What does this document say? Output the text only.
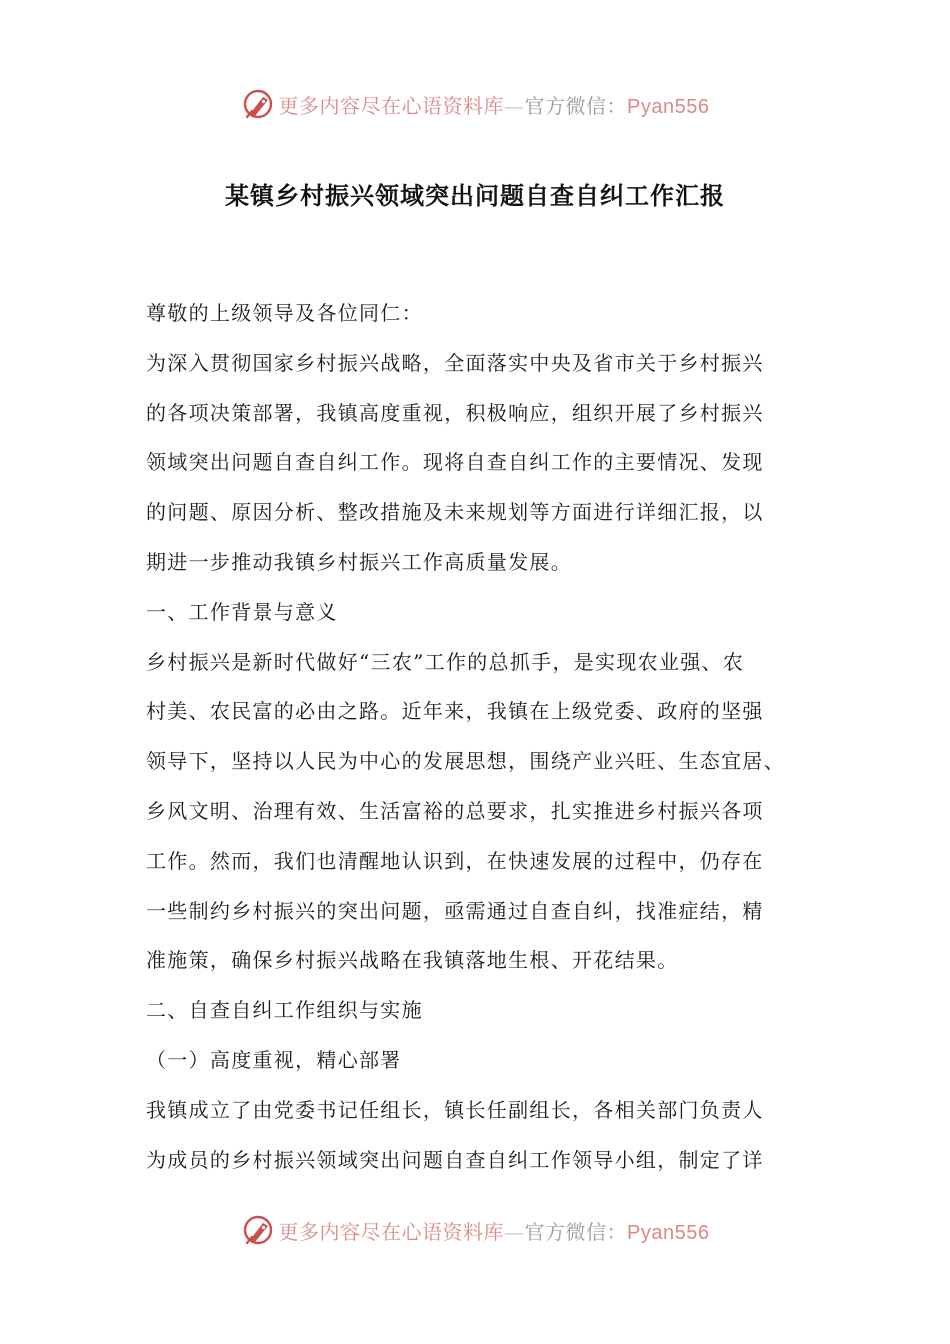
更多内容尽在心语资料库—官方微信：Pyan556
某镇乡村振兴领域突出问题自查自纠工作汇报
尊敬的上级领导及各位同仁：
为深入贯彻国家乡村振兴战略，全面落实中央及省市关于乡村振兴
的各项决策部署，我镇高度重视，积极响应，组织开展了乡村振兴
领域突出问题自查自纠工作。现将自查自纠工作的主要情况、发现
的问题、原因分析、整改措施及未来规划等方面进行详细汇报，以
期进一步推动我镇乡村振兴工作高质量发展。
一、工作背景与意义
乡村振兴是新时代做好“三农”工作的总抓手，是实现农业强、农
村美、农民富的必由之路。近年来，我镇在上级党委、政府的坚强
领导下，坚持以人民为中心的发展思想，围绕产业兴旺、生态宜居、
乡风文明、治理有效、生活富裕的总要求，扎实推进乡村振兴各项
工作。然而，我们也清醒地认识到，在快速发展的过程中，仍存在
一些制约乡村振兴的突出问题，亟需通过自查自纠，找准症结，精
准施策，确保乡村振兴战略在我镇落地生根、开花结果。
二、自查自纠工作组织与实施
（一）高度重视，精心部署
我镇成立了由党委书记任组长，镇长任副组长，各相关部门负责人
为成员的乡村振兴领域突出问题自查自纠工作领导小组，制定了详
更多内容尽在心语资料库—官方微信：Pyan556
